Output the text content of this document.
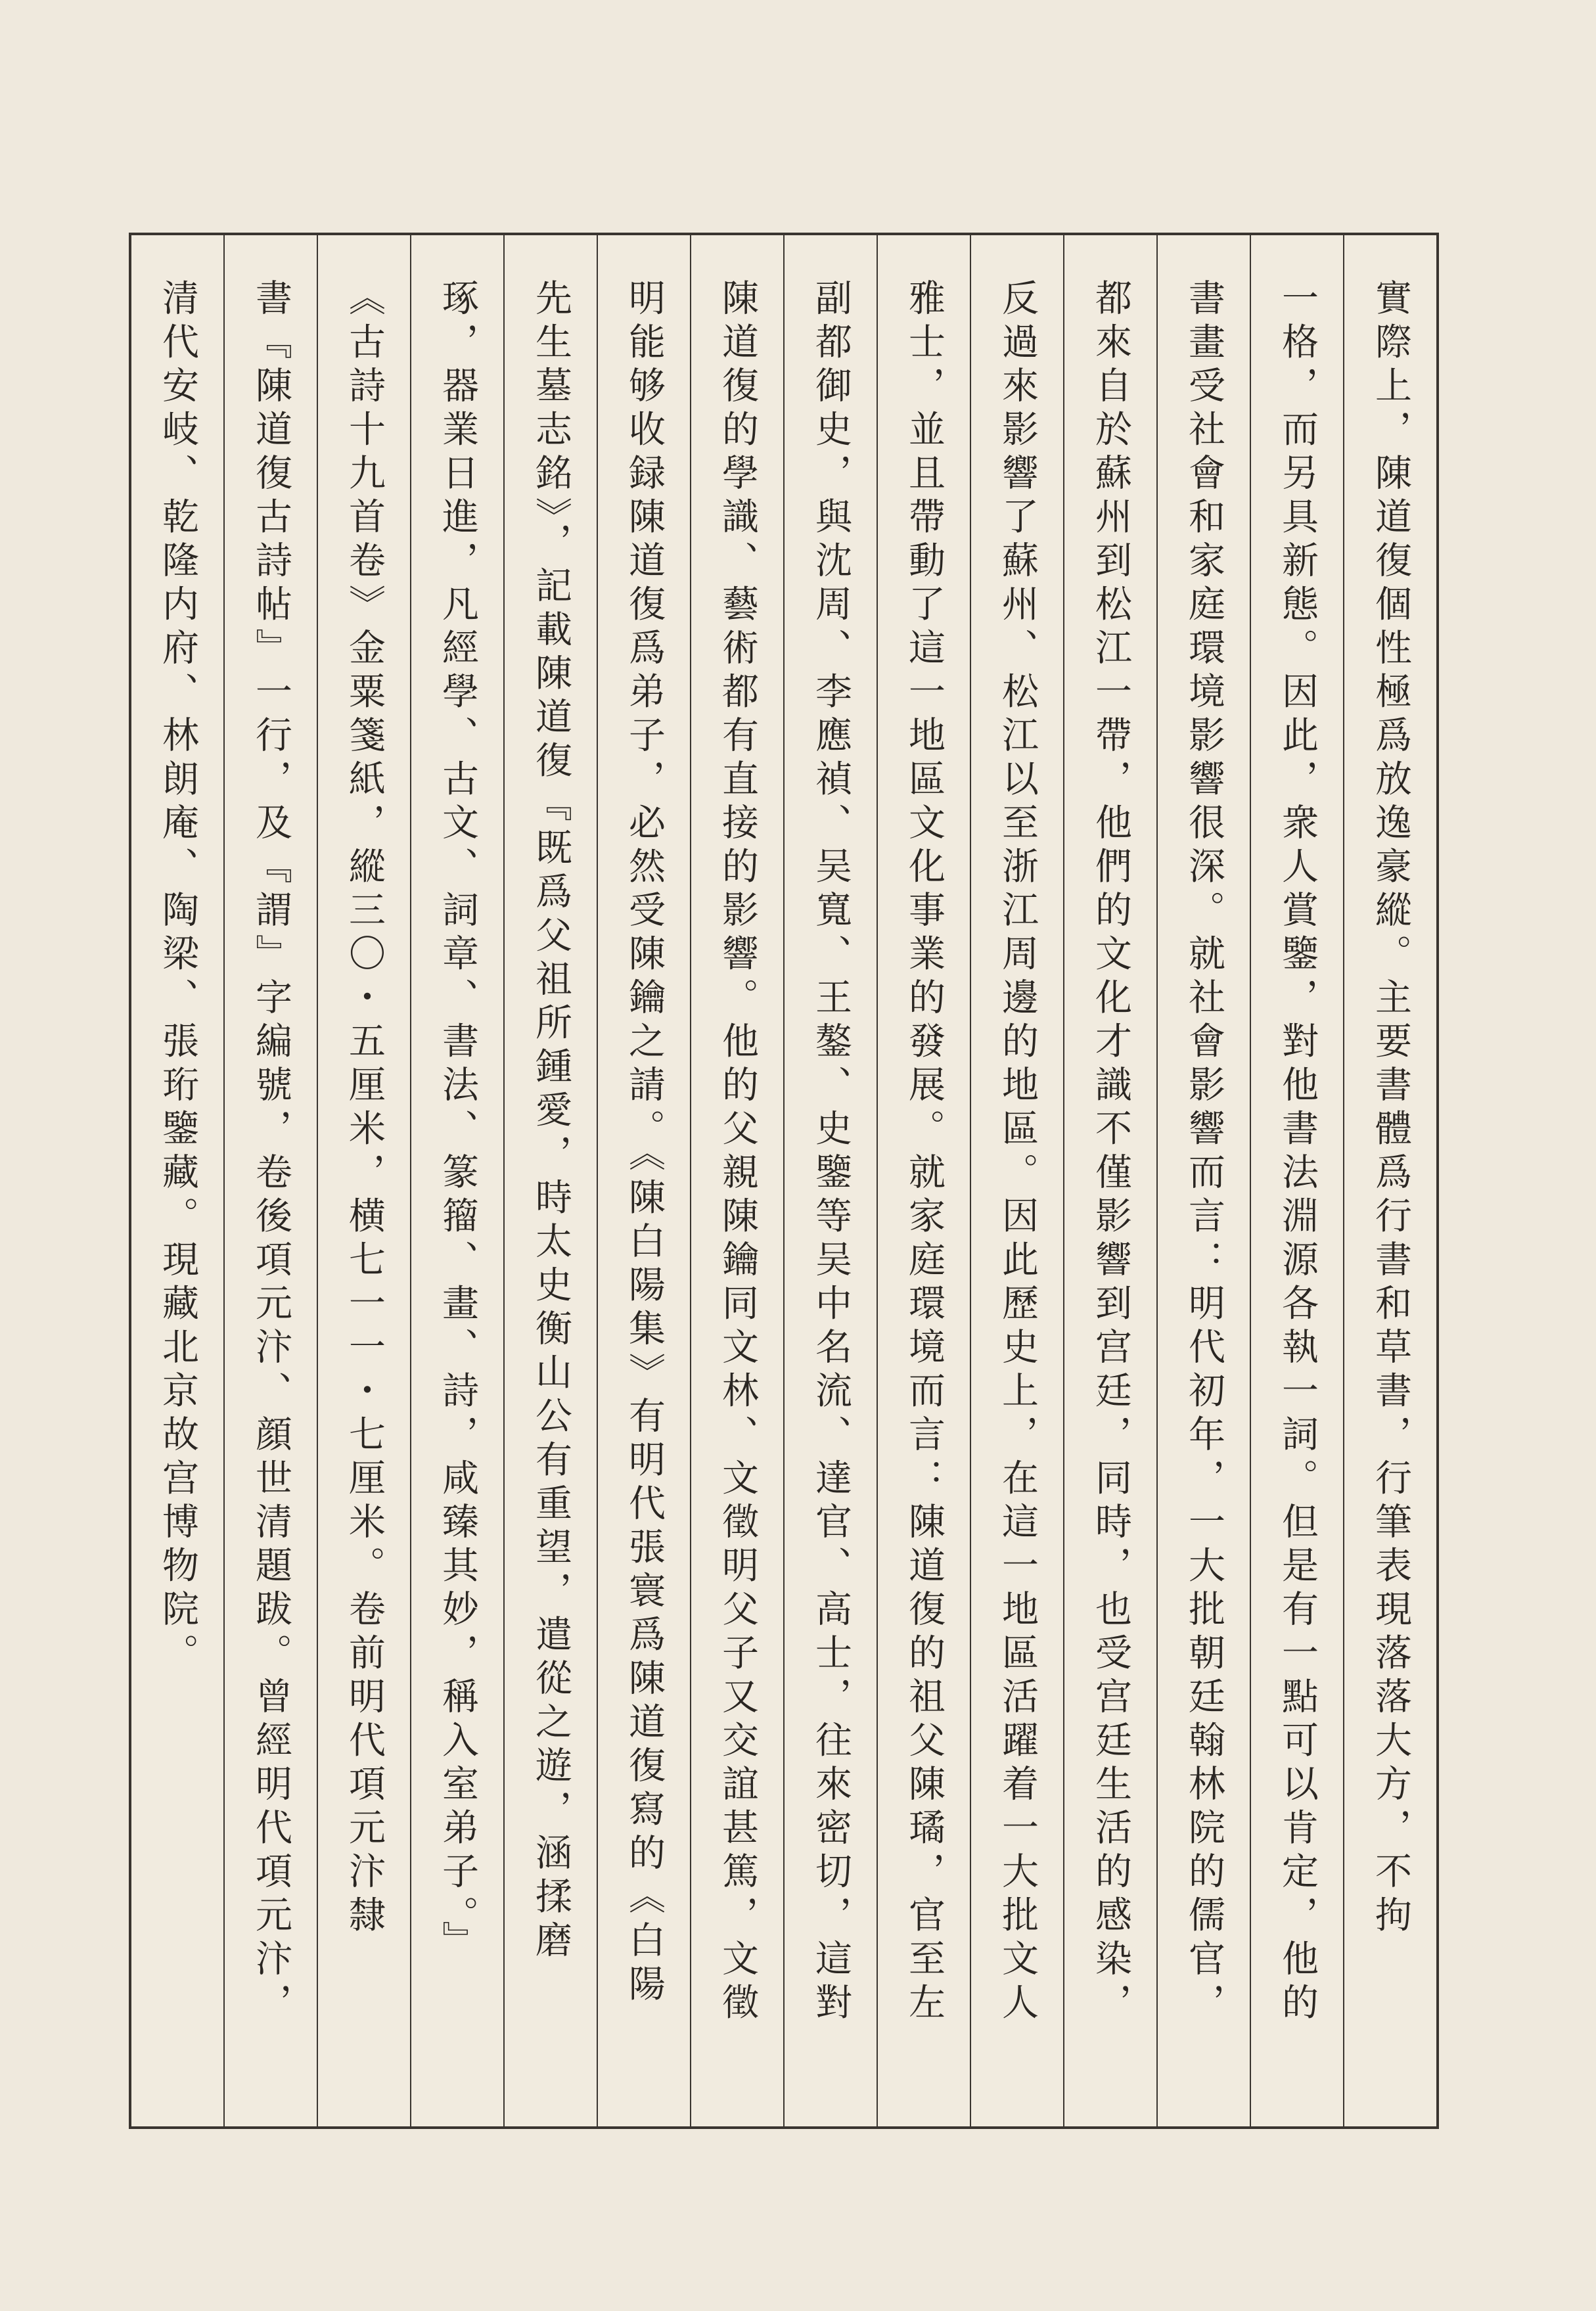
實際上，陳道復個性極爲放逸豪縱。主要書體爲行書和草書，行筆表現落落大方，不拘
一格，而另具新態。因此，衆人賞鑒，對他書法淵源各執一詞。但是有一點可以肯定，他的
書畫受社會和家庭環境影響很深。就社會影響而言：明代初年，一大批朝廷翰林院的儒官，
都來自於蘇州到松江一帶，他們的文化才識不僅影響到宫廷，同時，也受宫廷生活的感染，
反過來影響了蘇州、松江以至浙江周邊的地區。因此歷史上，在這一地區活躍着一大批文人
雅士，並且帶動了這一地區文化事業的發展。就家庭環境而言：陳道復的祖父陳璚，官至左
副都御史，與沈周、李應禎、吴寬、王鏊、史鑒等吴中名流、達官、高士，往來密切，這對
陳道復的學識、藝術都有直接的影響。他的父親陳鑰同文林、文徵明父子又交誼甚篤，文徵
明能够收録陳道復爲弟子，必然受陳鑰之請。《陳白陽集》有明代張寰爲陳道復寫的《白陽
先生墓志銘》，記載陳道復『既爲父祖所鍾愛，時太史衡山公有重望，遣從之遊，涵揉磨
琢，器業日進，凡經學、古文、詞章、書法、篆籀、畫、詩，咸臻其妙，稱入室弟子。』
《古詩十九首卷》金粟箋紙，縱三〇・五厘米，横七一一・七厘米。卷前明代項元汴隸
書『陳道復古詩帖』一行，及『謂』字編號，卷後項元汴、顔世清題跋。曾經明代項元汴，
清代安岐、乾隆内府、林朗庵、陶梁、張珩鑒藏。現藏北京故宫博物院。
